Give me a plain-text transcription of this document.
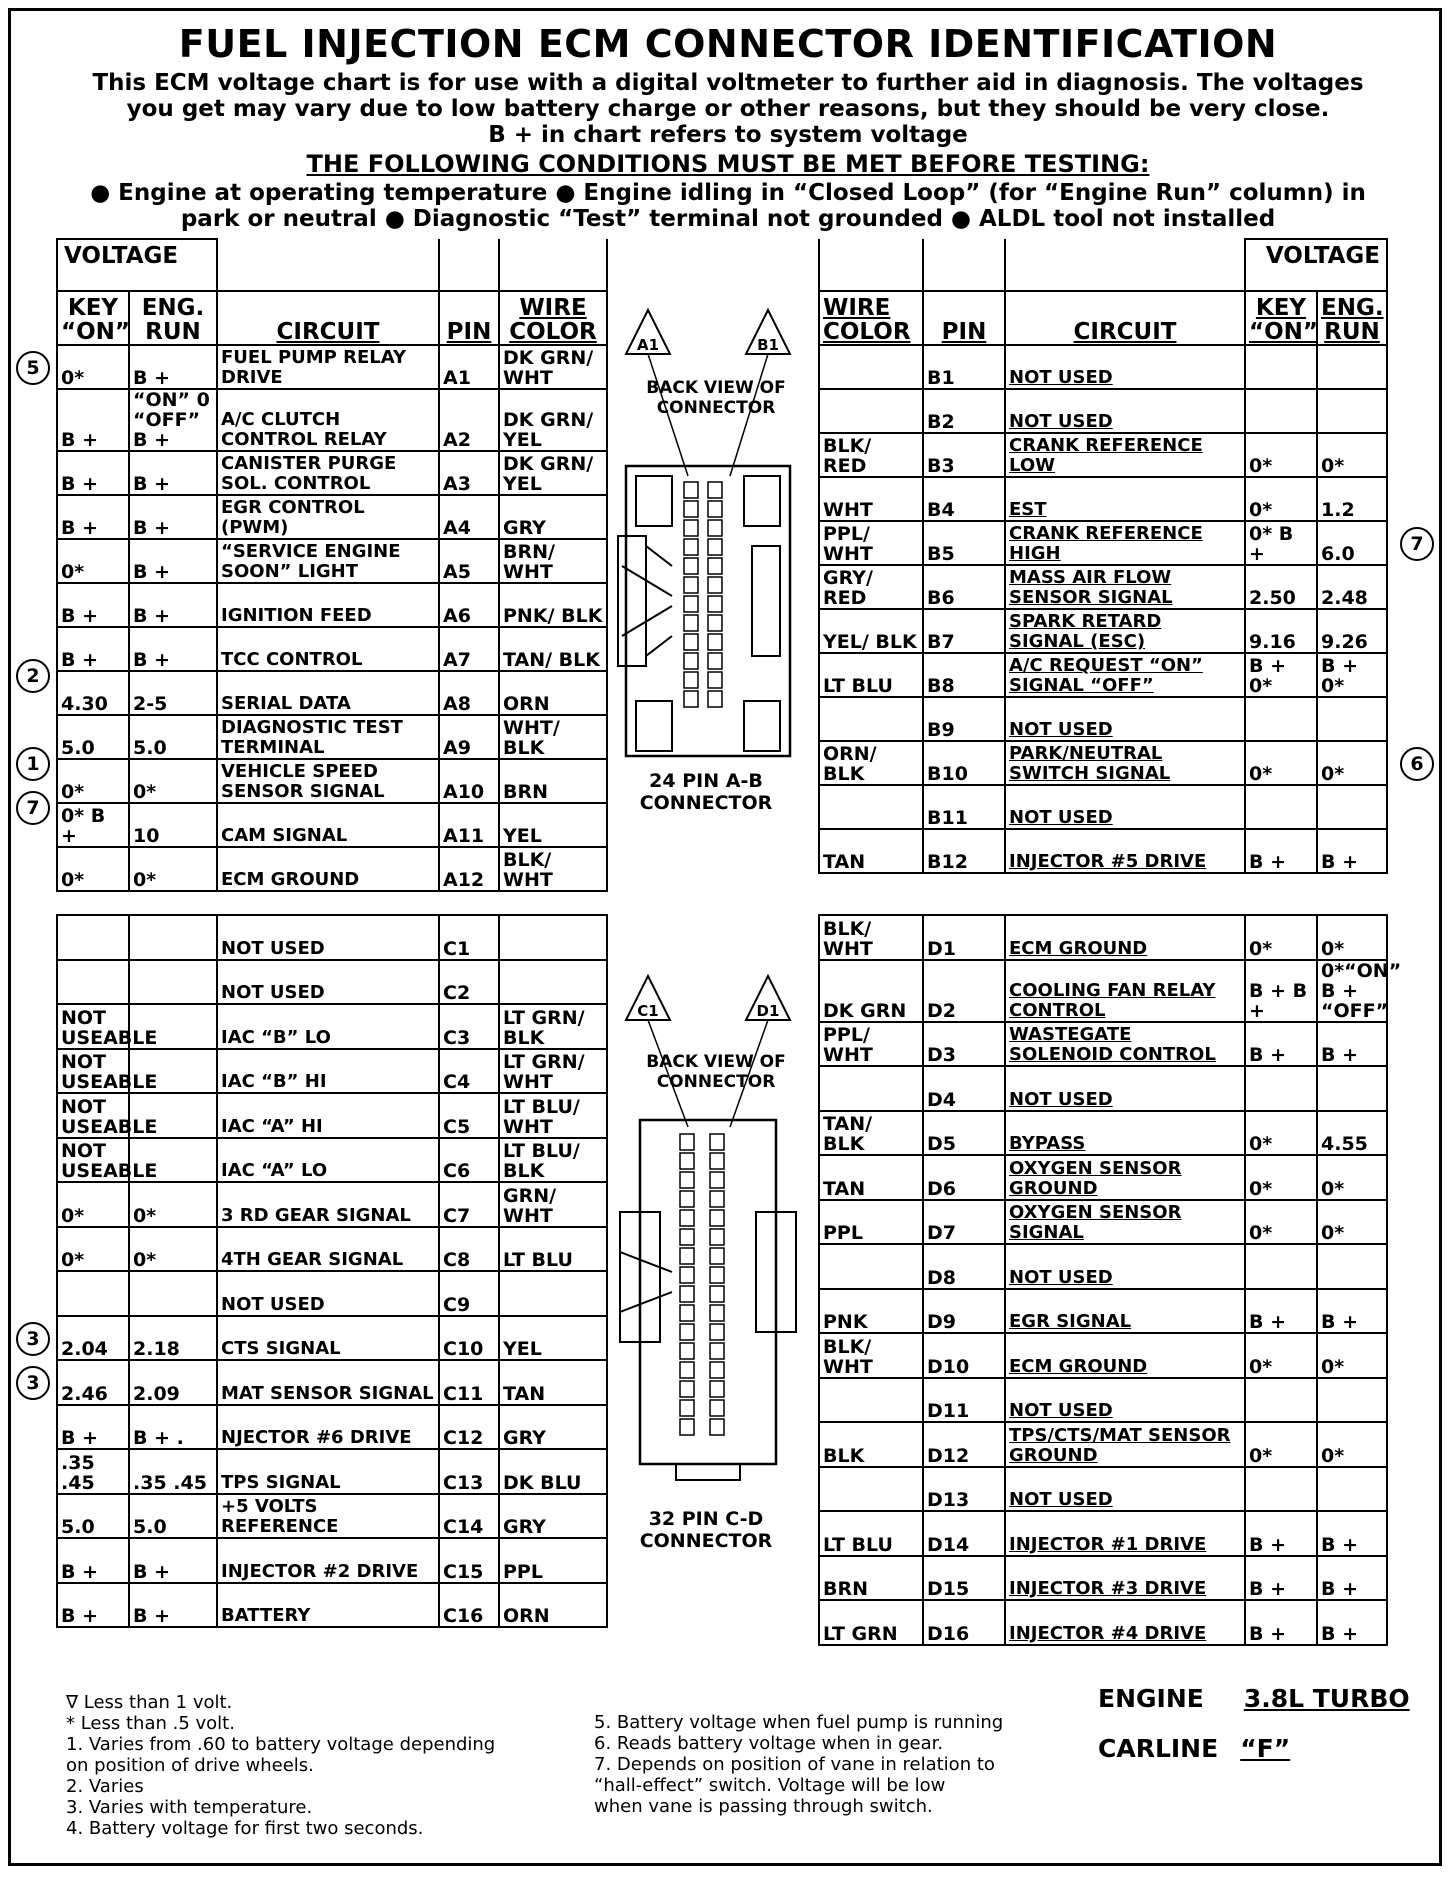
FUEL INJECTION ECM CONNECTOR IDENTIFICATION
This ECM voltage chart is for use with a digital voltmeter to further aid in diagnosis. The voltages
you get may vary due to low battery charge or other reasons, but they should be very close.
B + in chart refers to system voltage
THE FOLLOWING CONDITIONS MUST BE MET BEFORE TESTING:
● Engine at operating temperature ● Engine idling in “Closed Loop” (for “Engine Run” column) in
park or neutral ● Diagnostic “Test” terminal not grounded ● ALDL tool not installed
VOLTAGE				
KEY “ON”	ENG. RUN	CIRCUIT	PIN	WIRE COLOR
0*	B +	FUEL PUMP RELAY DRIVE	A1	DK GRN/ WHT
B +	“ON” 0 “OFF” B +	A/C CLUTCH CONTROL RELAY	A2	DK GRN/ YEL
B +	B +	CANISTER PURGE SOL. CONTROL	A3	DK GRN/ YEL
B +	B +	EGR CONTROL (PWM)	A4	GRY
0*	B +	“SERVICE ENGINE SOON” LIGHT	A5	BRN/ WHT
B +	B +	IGNITION FEED	A6	PNK/ BLK
B +	B +	TCC CONTROL	A7	TAN/ BLK
4.30	2-5	SERIAL DATA	A8	ORN
5.0	5.0	DIAGNOSTIC TEST TERMINAL	A9	WHT/ BLK
0*	0*	VEHICLE SPEED SENSOR SIGNAL	A10	BRN
0* B +	10	CAM SIGNAL	A11	YEL
0*	0*	ECM GROUND	A12	BLK/ WHT
			VOLTAGE	
WIRE COLOR	PIN	CIRCUIT	KEY “ON”	ENG. RUN
	B1	NOT USED		
	B2	NOT USED		
BLK/ RED	B3	CRANK REFERENCE LOW	0*	0*
WHT	B4	EST	0*	1.2
PPL/ WHT	B5	CRANK REFERENCE HIGH	0* B +	6.0
GRY/ RED	B6	MASS AIR FLOW SENSOR SIGNAL	2.50	2.48
YEL/ BLK	B7	SPARK RETARD SIGNAL (ESC)	9.16	9.26
LT BLU	B8	A/C REQUEST “ON” SIGNAL “OFF”	B + 0*	B + 0*
	B9	NOT USED		
ORN/ BLK	B10	PARK/NEUTRAL SWITCH SIGNAL	0*	0*
	B11	NOT USED		
TAN	B12	INJECTOR #5 DRIVE	B +	B +
		NOT USED	C1	
		NOT USED	C2	
NOT USEABLE		IAC “B” LO	C3	LT GRN/ BLK
NOT USEABLE		IAC “B” HI	C4	LT GRN/ WHT
NOT USEABLE		IAC “A” HI	C5	LT BLU/ WHT
NOT USEABLE		IAC “A” LO	C6	LT BLU/ BLK
0*	0*	3 RD GEAR SIGNAL	C7	GRN/ WHT
0*	0*	4TH GEAR SIGNAL	C8	LT BLU
		NOT USED	C9	
2.04	2.18	CTS SIGNAL	C10	YEL
2.46	2.09	MAT SENSOR SIGNAL	C11	TAN
B +	B + .	NJECTOR #6 DRIVE	C12	GRY
.35 .45	.35 .45	TPS SIGNAL	C13	DK BLU
5.0	5.0	+5 VOLTS REFERENCE	C14	GRY
B +	B +	INJECTOR #2 DRIVE	C15	PPL
B +	B +	BATTERY	C16	ORN
BLK/ WHT	D1	ECM GROUND	0*	0*
DK GRN	D2	COOLING FAN RELAY CONTROL	B + B +	0*“ON” B + “OFF”
PPL/ WHT	D3	WASTEGATE SOLENOID CONTROL	B +	B +
	D4	NOT USED		
TAN/ BLK	D5	BYPASS	0*	4.55
TAN	D6	OXYGEN SENSOR GROUND	0*	0*
PPL	D7	OXYGEN SENSOR SIGNAL	0*	0*
	D8	NOT USED		
PNK	D9	EGR SIGNAL	B +	B +
BLK/ WHT	D10	ECM GROUND	0*	0*
	D11	NOT USED		
BLK	D12	TPS/CTS/MAT SENSOR GROUND	0*	0*
	D13	NOT USED		
LT BLU	D14	INJECTOR #1 DRIVE	B +	B +
BRN	D15	INJECTOR #3 DRIVE	B +	B +
LT GRN	D16	INJECTOR #4 DRIVE	B +	B +
A1	B1
BACK VIEW OF CONNECTOR
24 PIN A-B CONNECTOR
C1	D1
BACK VIEW OF CONNECTOR
32 PIN C-D CONNECTOR
∇ Less than 1 volt.
* Less than .5 volt.
1. Varies from .60 to battery voltage depending
on position of drive wheels.
2. Varies
3. Varies with temperature.
4. Battery voltage for first two seconds.
5. Battery voltage when fuel pump is running
6. Reads battery voltage when in gear.
7. Depends on position of vane in relation to
“hall-effect” switch. Voltage will be low
when vane is passing through switch.
ENGINE 3.8L TURBO
CARLINE “F”
5
2
1
7
7
6
3
3
